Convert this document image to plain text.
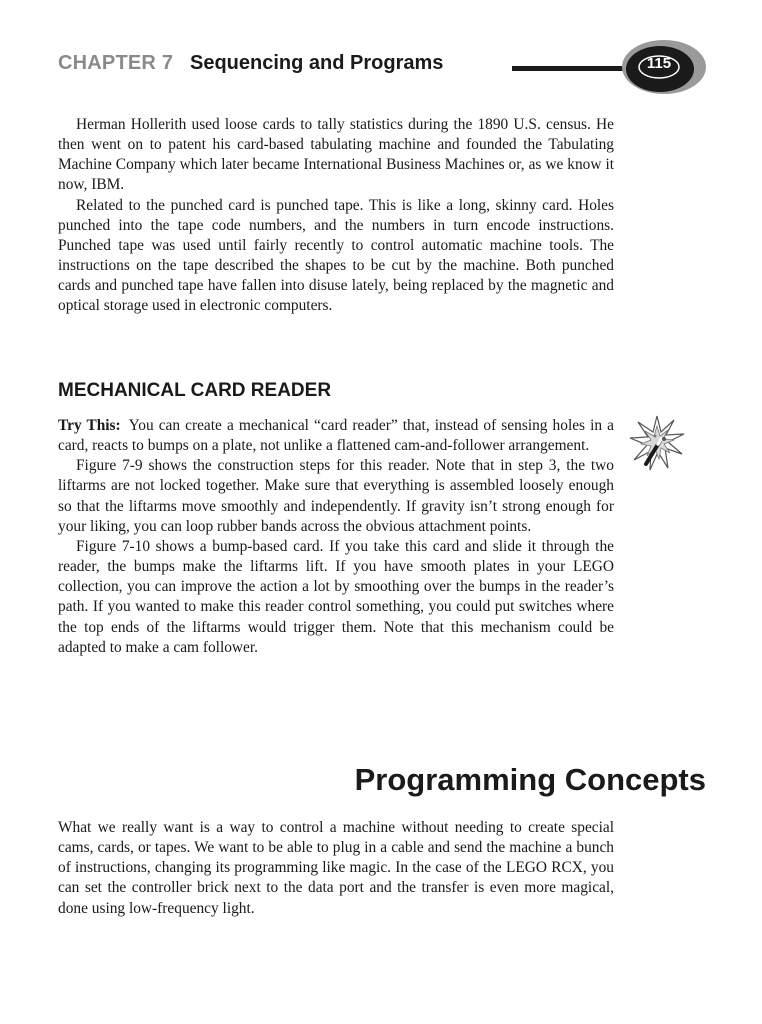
CHAPTER 7 Sequencing and Programs	115

Herman Hollerith used loose cards to tally statistics during the 1890 U.S. census. He then went on to patent his card-based tabulating machine and founded the Tabulating Machine Company which later became International Business Machines or, as we know it now, IBM.

Related to the punched card is punched tape. This is like a long, skinny card. Holes punched into the tape code numbers, and the numbers in turn encode instructions. Punched tape was used until fairly recently to control automatic machine tools. The instructions on the tape described the shapes to be cut by the machine. Both punched cards and punched tape have fallen into disuse lately, being replaced by the magnetic and optical storage used in electronic computers.

MECHANICAL CARD READER

Try This: You can create a mechanical “card reader” that, instead of sensing holes in a card, reacts to bumps on a plate, not unlike a flattened cam-and-follower arrangement.

Figure 7-9 shows the construction steps for this reader. Note that in step 3, the two liftarms are not locked together. Make sure that everything is assembled loosely enough so that the liftarms move smoothly and independently. If gravity isn’t strong enough for your liking, you can loop rubber bands across the obvious attachment points.

Figure 7-10 shows a bump-based card. If you take this card and slide it through the reader, the bumps make the liftarms lift. If you have smooth plates in your LEGO collection, you can improve the action a lot by smoothing over the bumps in the reader’s path. If you wanted to make this reader control something, you could put switches where the top ends of the liftarms would trigger them. Note that this mechanism could be adapted to make a cam follower.

Programming Concepts

What we really want is a way to control a machine without needing to create special cams, cards, or tapes. We want to be able to plug in a cable and send the machine a bunch of instructions, changing its programming like magic. In the case of the LEGO RCX, you can set the controller brick next to the data port and the transfer is even more magical, done using low-frequency light.
